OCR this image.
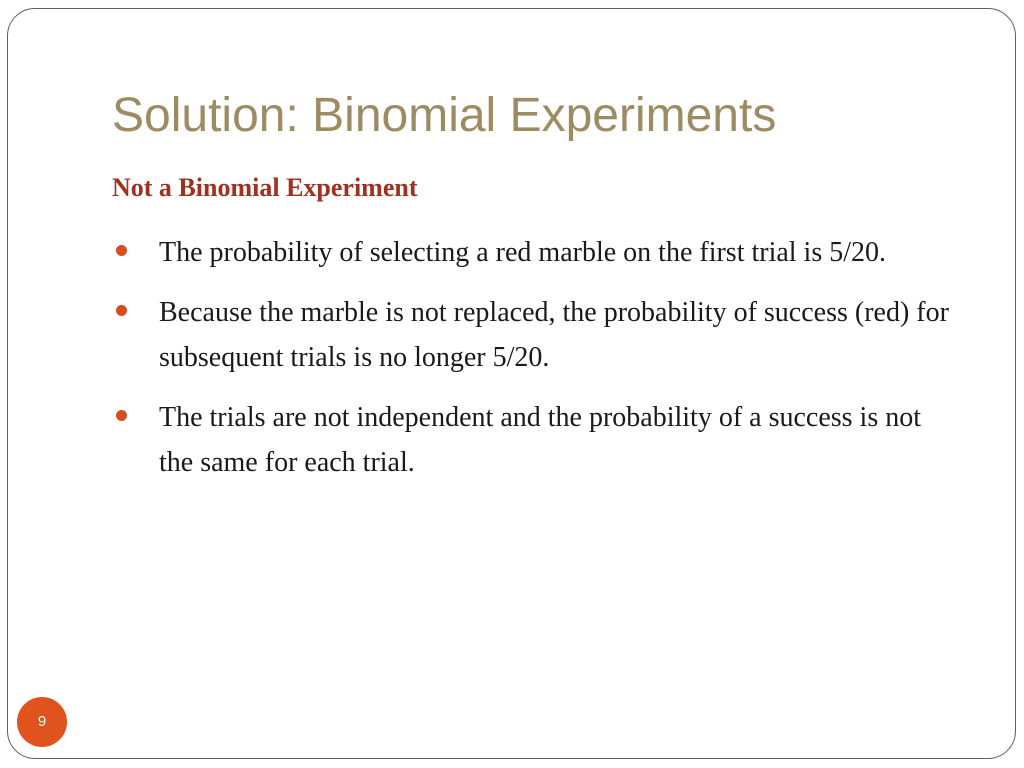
Solution: Binomial Experiments
Not a Binomial Experiment
The probability of selecting a red marble on the first trial is 5/20.
Because the marble is not replaced, the probability of success (red) for subsequent trials is no longer 5/20.
The trials are not independent and the probability of a success is not the same for each trial.
9
